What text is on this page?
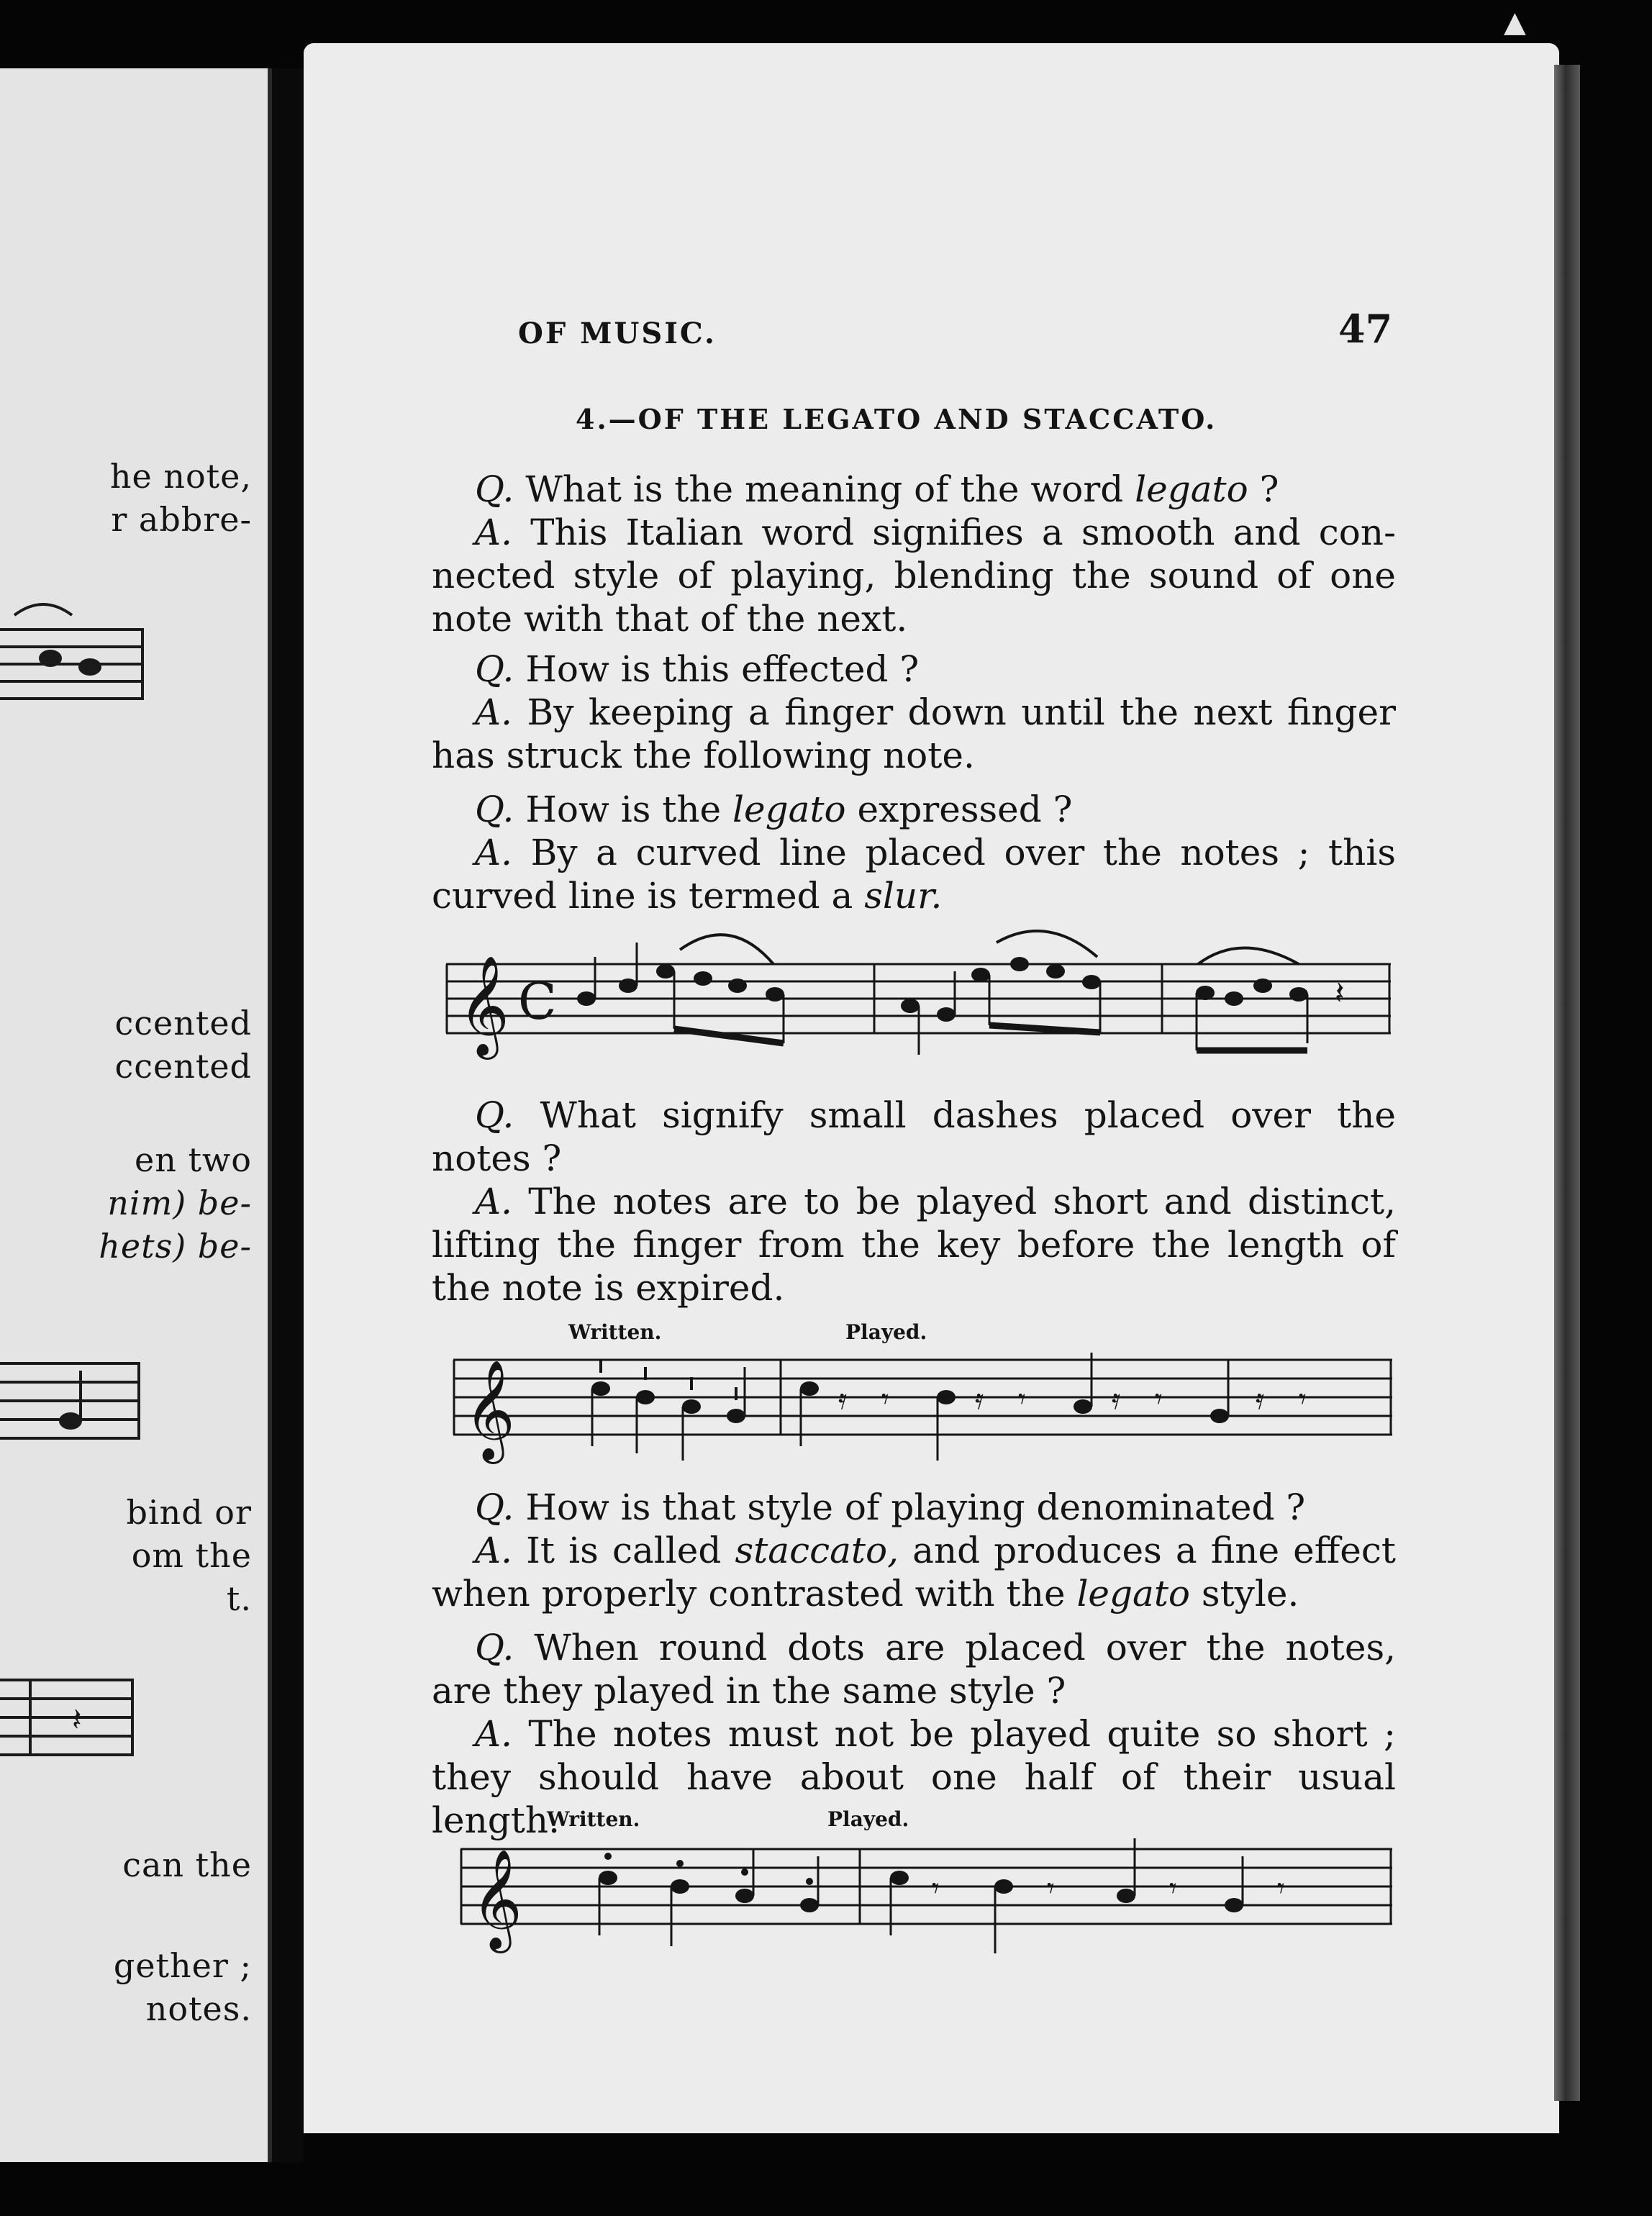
he note,
r abbre-
ccented
ccented
en two
nim) be-
hets) be-
bind or
om the
t.
𝄽
can the
gether ;
notes.
▲
OF MUSIC.	47
4.—OF THE LEGATO AND STACCATO.
Q. What is the meaning of the word legato ?
A. This Italian word signifies a smooth and connected style of playing, blending the sound of one note with that of the next.
Q. How is this effected ?
A. By keeping a finger down until the next finger has struck the following note.
Q. How is the legato expressed ?
A. By a curved line placed over the notes ; this curved line is termed a slur.
𝄞 C	𝄽
Q. What signify small dashes placed over the notes ?
A. The notes are to be played short and distinct, lifting the finger from the key before the length of the note is expired.
Written.	Played.
𝄞	𝄿 𝄾	𝄿 𝄾	𝄿 𝄾	𝄿 𝄾
Q. How is that style of playing denominated ?
A. It is called staccato, and produces a fine effect when properly contrasted with the legato style.
Q. When round dots are placed over the notes, are they played in the same style ?
A. The notes must not be played quite so short ; they should have about one half of their usual length.
Written.	Played.
𝄞	𝄾	𝄾	𝄾	𝄾
